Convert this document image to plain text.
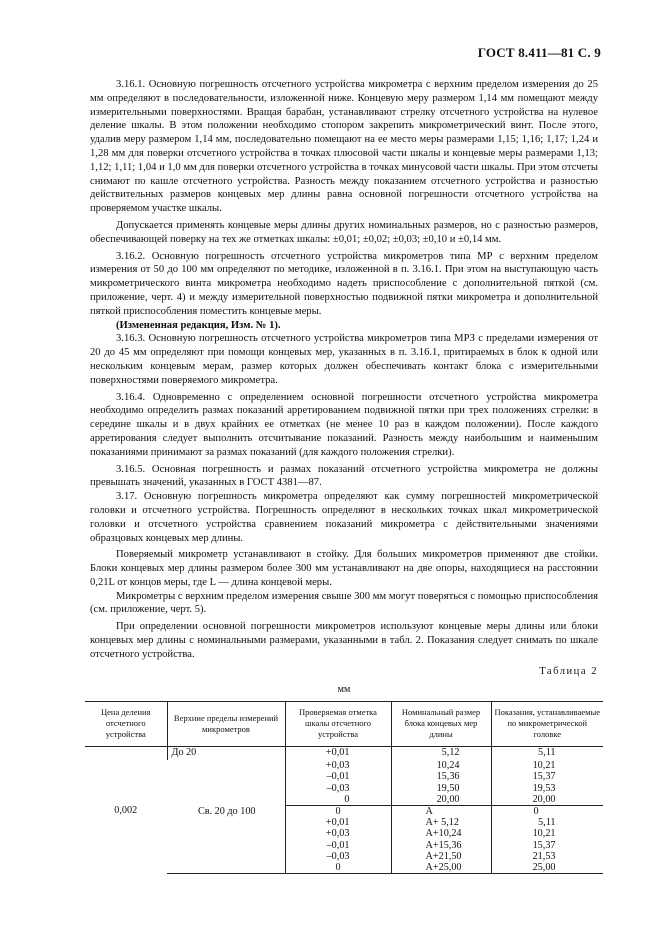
ГОСТ 8.411—81 С. 9

3.16.1. Основную погрешность отсчетного устройства микрометра с верхним пределом измерения до 25 мм определяют в последовательности, изложенной ниже. Концевую меру размером 1,14 мм помещают между измерительными поверхностями. Вращая барабан, устанавливают стрелку отсчетного устройства на нулевое деление шкалы. В этом положении необходимо стопором закрепить микрометрический винт. После этого, удалив меру размером 1,14 мм, последовательно помещают на ее место меры размерами 1,15; 1,16; 1,17; 1,24 и 1,28 мм для поверки отсчетного устройства в точках плюсовой части шкалы и концевые меры размерами 1,13; 1,12; 1,11; 1,04 и 1,0 мм для поверки отсчетного устройства в точках минусовой части шкалы. При этом отсчеты снимают по кашле отсчетного устройства. Разность между показанием отсчетного устройства и разностью действительных размеров концевых мер длины равна основной погрешности отсчетного устройства на проверяемом участке шкалы.

Допускается применять концевые меры длины других номинальных размеров, но с разностью размеров, обеспечивающей поверку на тех же отметках шкалы: ±0,01; ±0,02; ±0,03; ±0,10 и ±0,14 мм.

3.16.2. Основную погрешность отсчетного устройства микрометров типа МР с верхним пределом измерения от 50 до 100 мм определяют по методике, изложенной в п. 3.16.1. При этом на выступающую часть микрометрического винта микрометра необходимо надеть приспособление с дополнительной пяткой (см. приложение, черт. 4) и между измерительной поверхностью подвижной пятки микрометра и дополнительной пяткой приспособления поместить концевые меры.

(Измененная редакция, Изм. № 1).

3.16.3. Основную погрешность отсчетного устройства микрометров типа МРЗ с пределами измерения от 20 до 45 мм определяют при помощи концевых мер, указанных в п. 3.16.1, притираемых в блок к одной или нескольким концевым мерам, размер которых должен обеспечивать контакт блока с измерительными поверхностями поверяемого микрометра.

3.16.4. Одновременно с определением основной погрешности отсчетного устройства микрометра необходимо определить размах показаний арретированием подвижной пятки при трех положениях стрелки: в середине шкалы и в двух крайних ее отметках (не менее 10 раз в каждом положении). После каждого арретирования следует выполнить отсчитывание показаний. Разность между наибольшим и наименьшим показаниями принимают за размах показаний (для каждого положения стрелки).

3.16.5. Основная погрешность и размах показаний отсчетного устройства микрометра не должны превышать значений, указанных в ГОСТ 4381—87.

3.17. Основную погрешность микрометра определяют как сумму погрешностей микрометрической головки и отсчетного устройства. Погрешность определяют в нескольких точках шкал микрометрической головки и отсчетного устройства сравнением показаний микрометра с действительными значениями образцовых концевых мер длины.

Поверяемый микрометр устанавливают в стойку. Для больших микрометров применяют две стойки. Блоки концевых мер длины размером более 300 мм устанавливают на две опоры, находящиеся на расстоянии 0,21L от концов меры, где L — длина концевой меры.

Микрометры с верхним пределом измерения свыше 300 мм могут поверяться с помощью приспособления (см. приложение, черт. 5).

При определении основной погрешности микрометров используют концевые меры длины или блоки концевых мер длины с номинальными размерами, указанными в табл. 2. Показания следует снимать по шкале отсчетного устройства.

Таблица 2
мм
Цена деления отсчетного устройства	Верхние пределы измерений микрометров	Проверяемая отметка шкалы отсчетного устройства	Номинальный размер блока концевых мер длины	Показания, устанавливаемые по микрометрической головке
0,002	До 20	+0,01	5,12	5,11
		+0,03	10,24	10,21
		–0,01	15,36	15,37
		–0,03	19,50	19,53
		0	20,00	20,00
	Св. 20 до 100	0	А	0
		+0,01	А+ 5,12	5,11
		+0,03	А+10,24	10,21
		–0,01	А+15,36	15,37
		–0,03	А+21,50	21,53
		0	А+25,00	25,00
